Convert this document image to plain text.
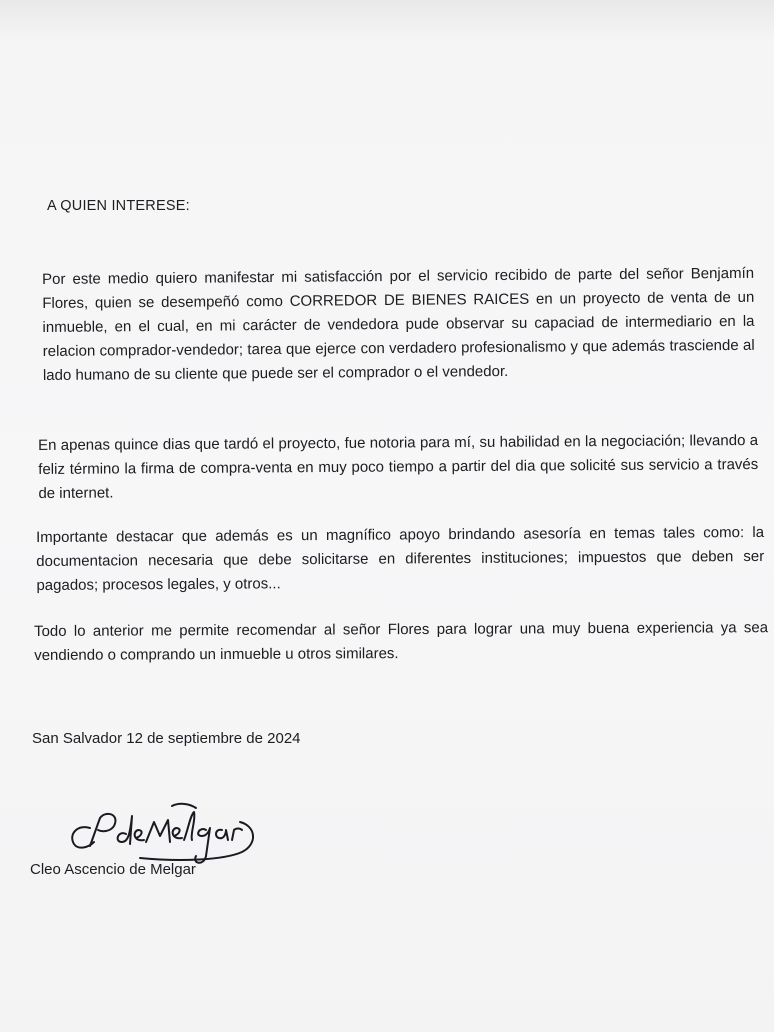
A QUIEN INTERESE:

Por este medio quiero manifestar mi satisfacción por el servicio recibido de parte del señor Benjamín Flores, quien se desempeñó como CORREDOR DE BIENES RAICES en un proyecto de venta de un inmueble, en el cual, en mi carácter de vendedora pude observar su capaciad de intermediario en la relacion comprador-vendedor; tarea que ejerce con verdadero profesionalismo y que además trasciende al lado humano de su cliente que puede ser el comprador o el vendedor.

En apenas quince dias que tardó el proyecto, fue notoria para mí, su habilidad en la negociación; llevando a feliz término la firma de compra-venta en muy poco tiempo a partir del dia que solicité sus servicio a través de internet.

Importante destacar que además es un magnífico apoyo brindando asesoría en temas tales como: la documentacion necesaria que debe solicitarse en diferentes instituciones; impuestos que deben ser pagados; procesos legales, y otros...

Todo lo anterior me permite recomendar al señor Flores para lograr una muy buena experiencia ya sea vendiendo o comprando un inmueble u otros similares.

San Salvador 12 de septiembre de 2024

Cleo Ascencio de Melgar
